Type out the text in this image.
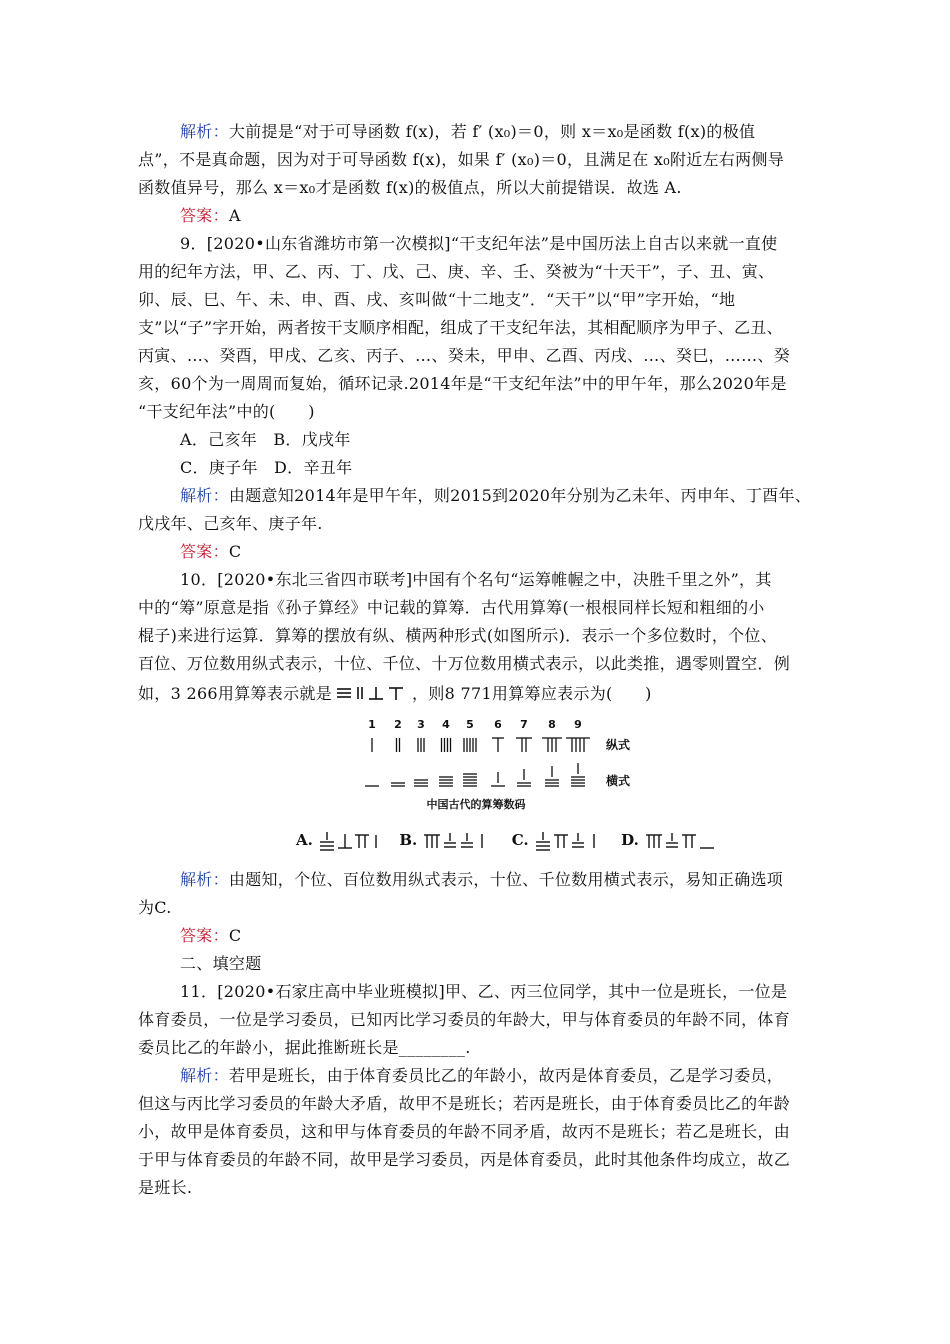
解析：大前提是“对于可导函数 f(x)，若 f′ (x₀)＝0，则 x＝x₀是函数 f(x)的极值
点”，不是真命题，因为对于可导函数 f(x)，如果 f′ (x₀)＝0，且满足在 x₀附近左右两侧导
函数值异号，那么 x＝x₀才是函数 f(x)的极值点，所以大前提错误．故选 A.
答案：A
9．[2020•山东省潍坊市第一次模拟]“干支纪年法”是中国历法上自古以来就一直使
用的纪年方法，甲、乙、丙、丁、戊、己、庚、辛、壬、癸被为“十天干”，子、丑、寅、
卯、辰、巳、午、未、申、酉、戌、亥叫做“十二地支”．“天干”以“甲”字开始，“地
支”以“子”字开始，两者按干支顺序相配，组成了干支纪年法，其相配顺序为甲子、乙丑、
丙寅、…、癸酉，甲戌、乙亥、丙子、…、癸未，甲申、乙酉、丙戌、…、癸巳，……、癸
亥，60个为一周周而复始，循环记录.2014年是“干支纪年法”中的甲午年，那么2020年是
“干支纪年法”中的(　　)
A．己亥年　B．戊戌年
C．庚子年　D．辛丑年
解析：由题意知2014年是甲午年，则2015到2020年分别为乙未年、丙申年、丁酉年、
戊戌年、己亥年、庚子年.
答案：C
10．[2020•东北三省四市联考]中国有个名句“运筹帷幄之中，决胜千里之外”，其
中的“筹”原意是指《孙子算经》中记载的算筹．古代用算筹(一根根同样长短和粗细的小
棍子)来进行运算．算筹的摆放有纵、横两种形式(如图所示)．表示一个多位数时，个位、
百位、万位数用纵式表示，十位、千位、十万位数用横式表示，以此类推，遇零则置空．例
如，3 266用算筹表示就是	，则8 771用算筹应表示为(　　)
1 2 3 4 5 6 7 8 9
纵式
横式
中国古代的算筹数码
A.	B.	C.	D.
解析：由题知，个位、百位数用纵式表示，十位、千位数用横式表示，易知正确选项
为C.
答案：C
二、填空题
11．[2020•石家庄高中毕业班模拟]甲、乙、丙三位同学，其中一位是班长，一位是
体育委员，一位是学习委员，已知丙比学习委员的年龄大，甲与体育委员的年龄不同，体育
委员比乙的年龄小，据此推断班长是________.
解析：若甲是班长，由于体育委员比乙的年龄小，故丙是体育委员，乙是学习委员，
但这与丙比学习委员的年龄大矛盾，故甲不是班长；若丙是班长，由于体育委员比乙的年龄
小，故甲是体育委员，这和甲与体育委员的年龄不同矛盾，故丙不是班长；若乙是班长，由
于甲与体育委员的年龄不同，故甲是学习委员，丙是体育委员，此时其他条件均成立，故乙
是班长.
